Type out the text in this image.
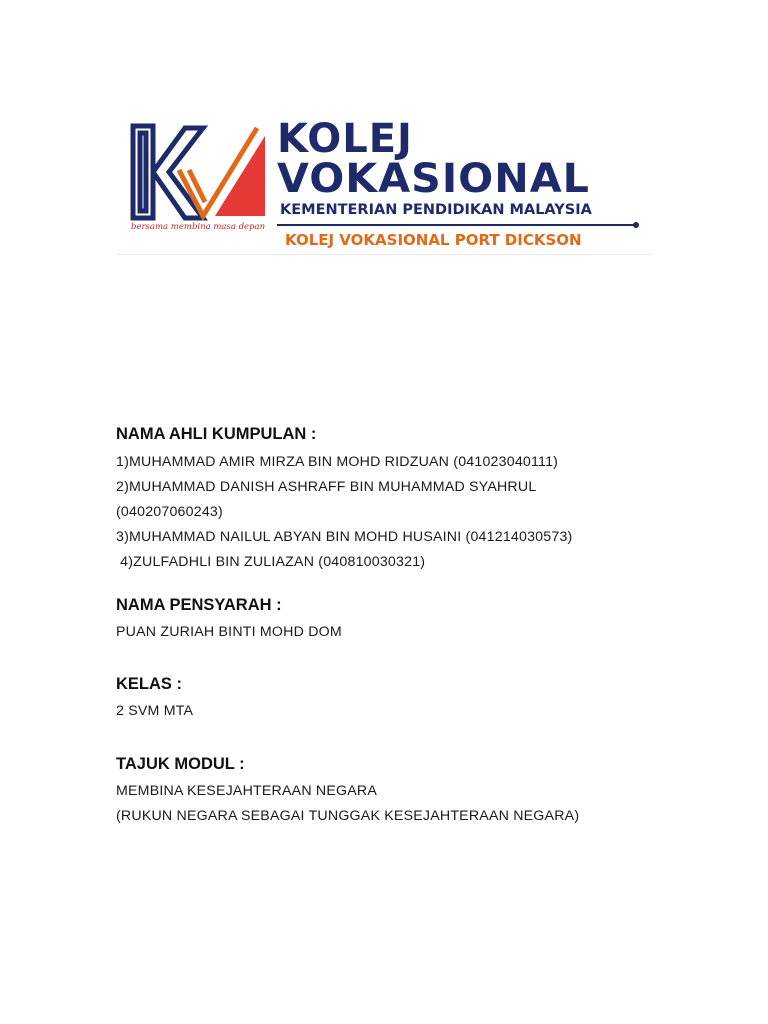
bersama membina masa depan
KOLEJ
VOKASIONAL
KEMENTERIAN PENDIDIKAN MALAYSIA
KOLEJ VOKASIONAL PORT DICKSON

NAMA AHLI KUMPULAN :

1)MUHAMMAD AMIR MIRZA BIN MOHD RIDZUAN (041023040111)

2)MUHAMMAD DANISH ASHRAFF BIN MUHAMMAD SYAHRUL

(040207060243)

3)MUHAMMAD NAILUL ABYAN BIN MOHD HUSAINI (041214030573)

4)ZULFADHLI BIN ZULIAZAN (040810030321)

NAMA PENSYARAH :

PUAN ZURIAH BINTI MOHD DOM

KELAS :

2 SVM MTA

TAJUK MODUL :

MEMBINA KESEJAHTERAAN NEGARA

(RUKUN NEGARA SEBAGAI TUNGGAK KESEJAHTERAAN NEGARA)
